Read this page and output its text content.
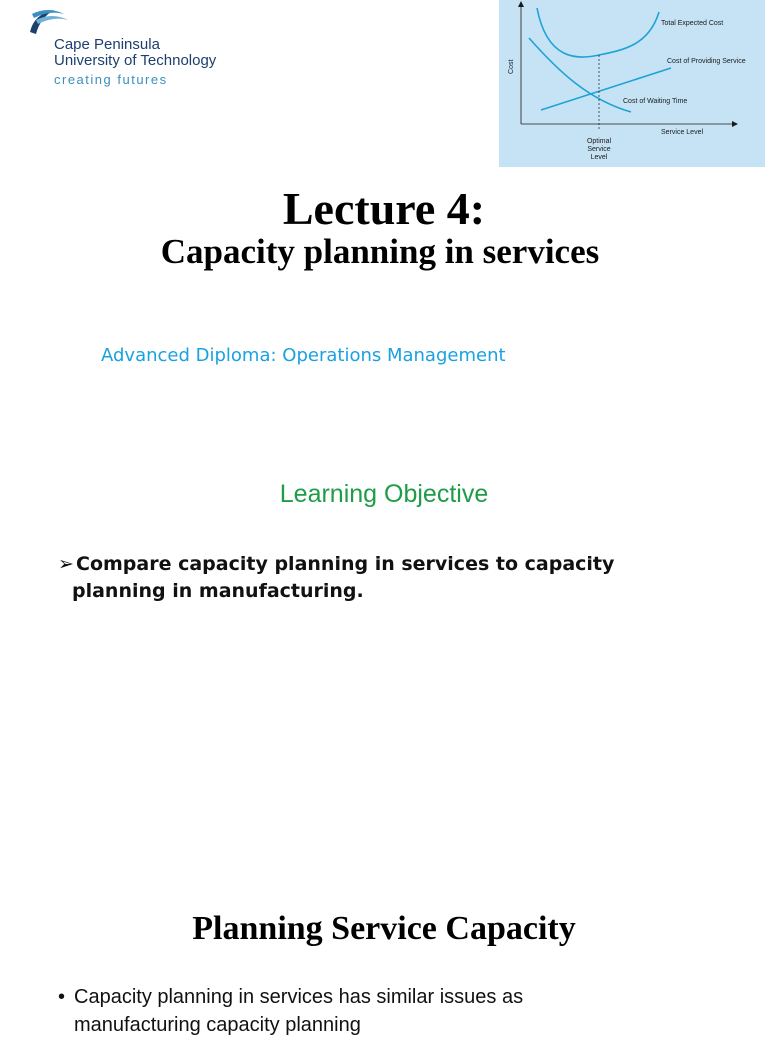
Cape Peninsula
University of Technology
creating futures
Total Expected Cost
Cost of Providing Service
Cost of Waiting Time
Service Level
Cost
Optimal
Service
Level
Lecture 4:
Capacity planning in services
Advanced Diploma: Operations Management
Learning Objective
➢ Compare capacity planning in services to capacity
planning in manufacturing.
Planning Service Capacity
• Capacity planning in services has similar issues as
manufacturing capacity planning
